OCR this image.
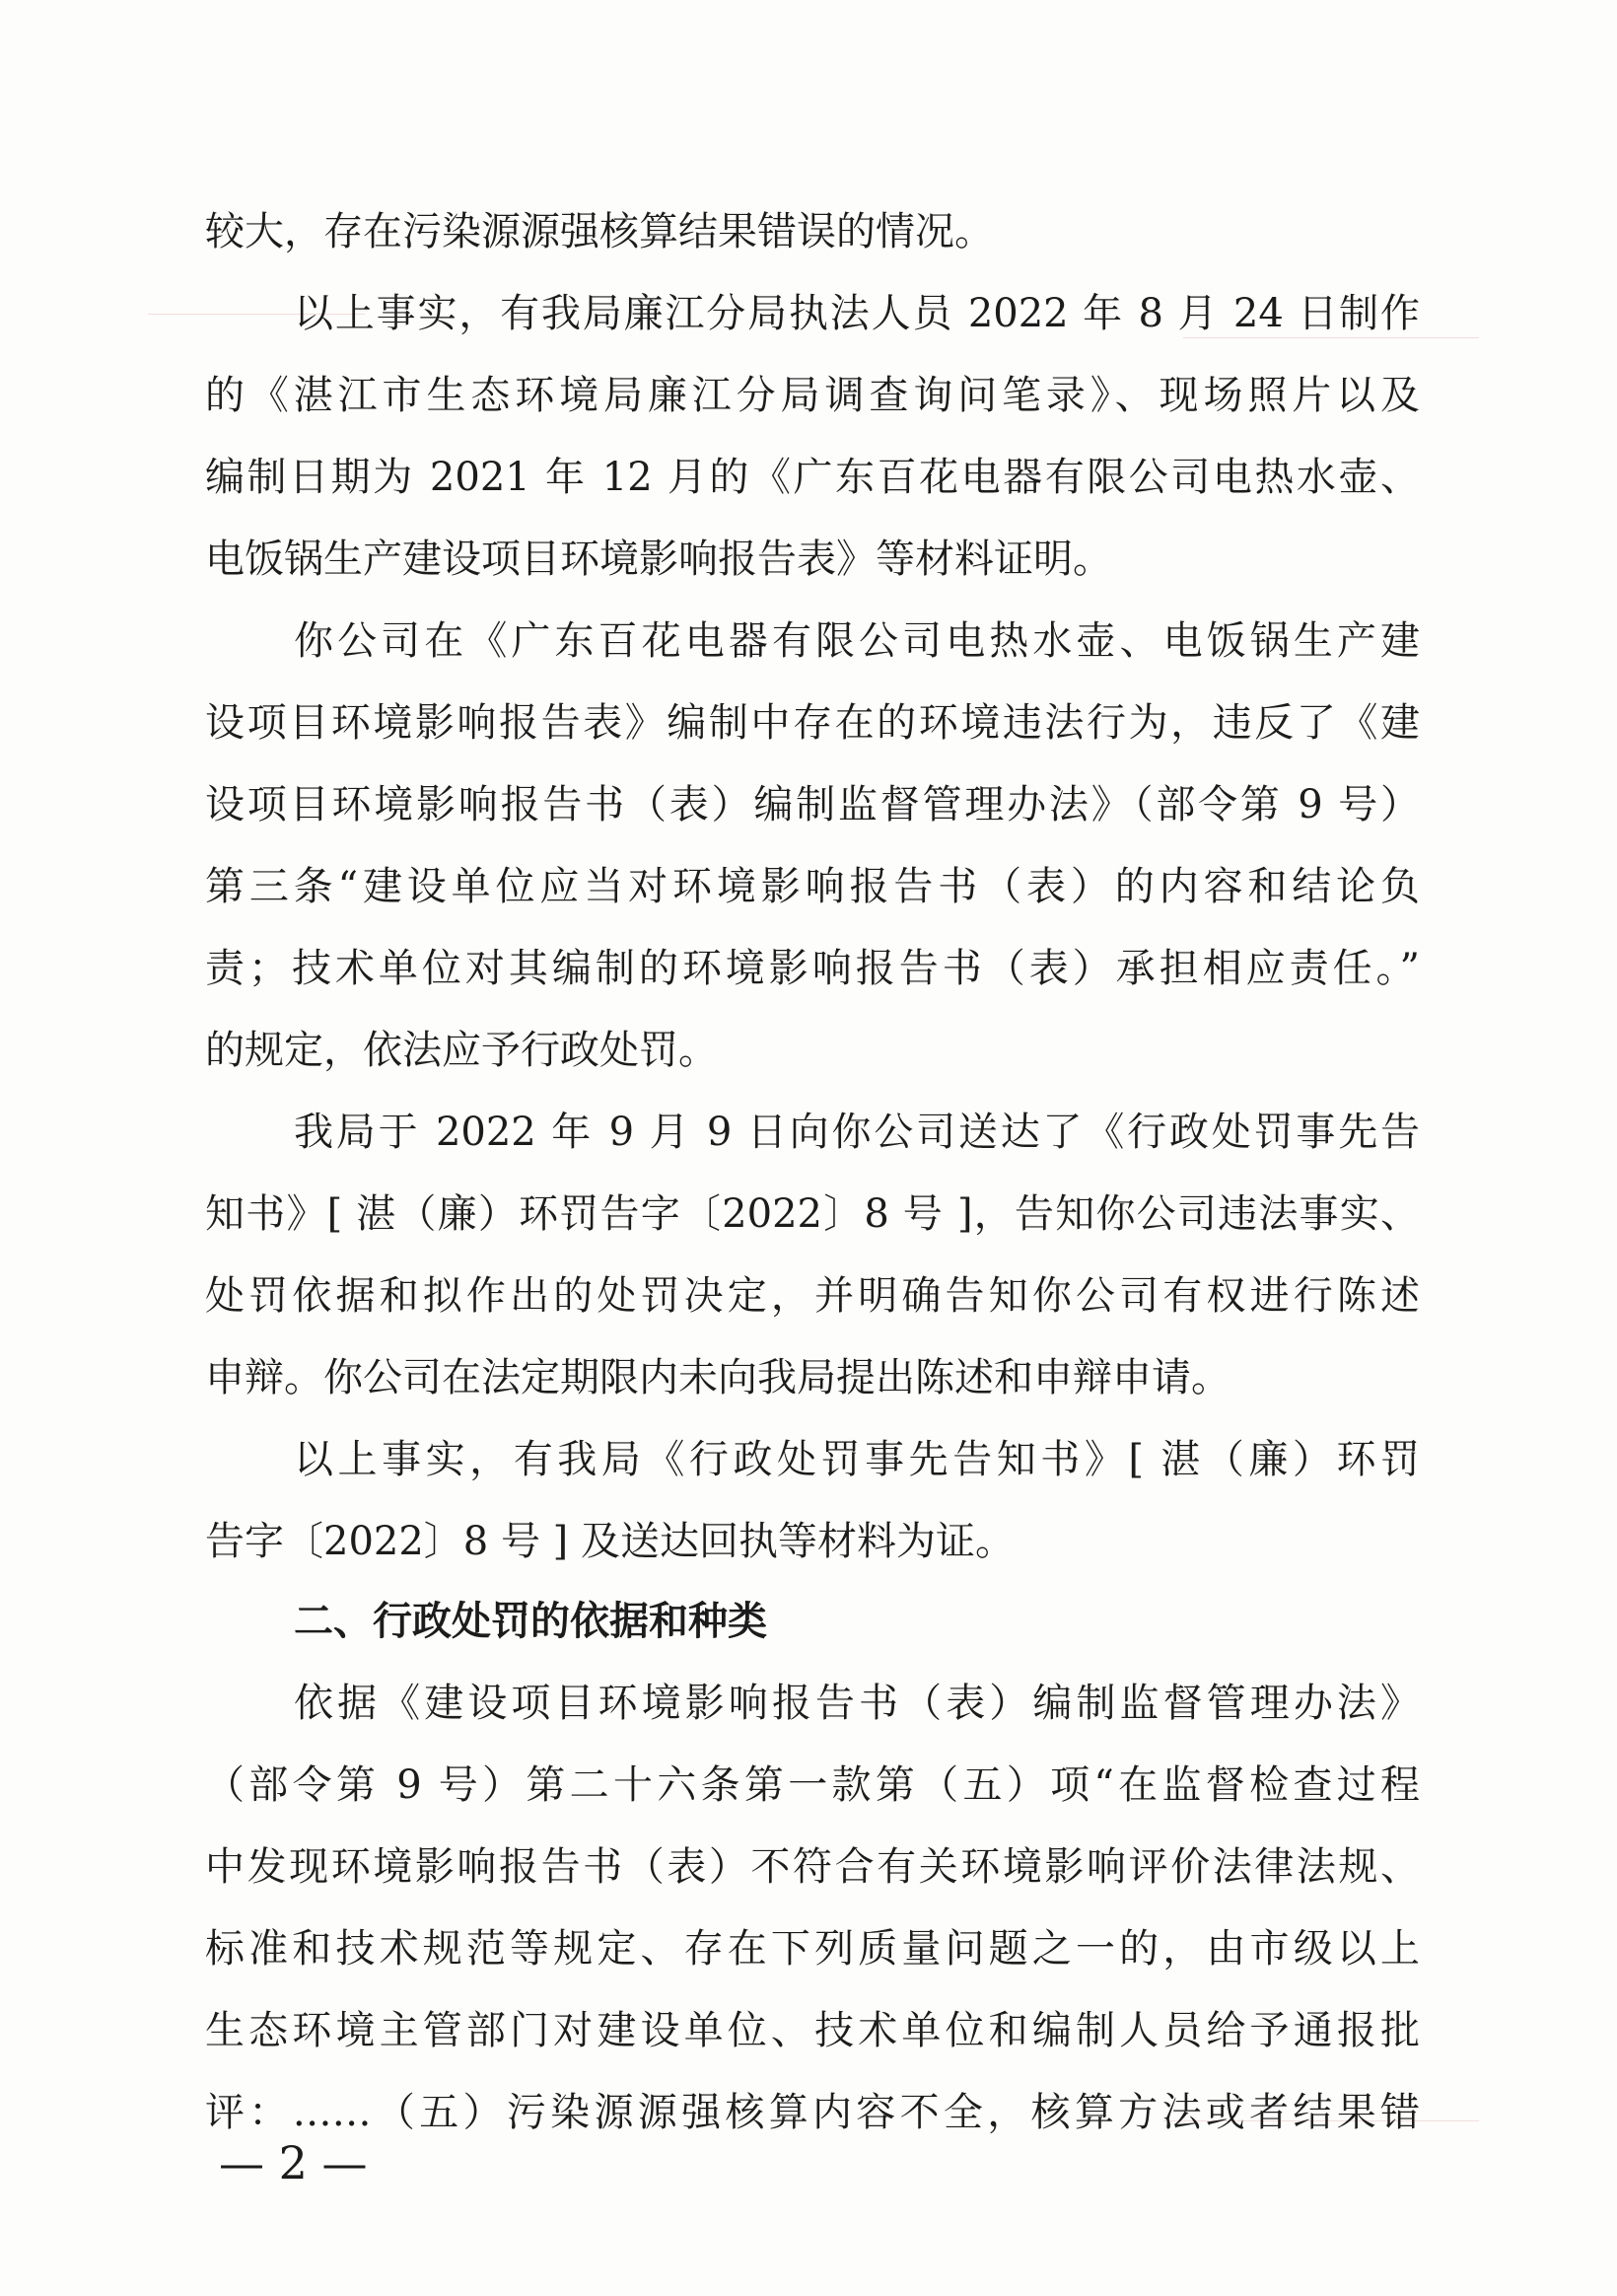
较大，存在污染源源强核算结果错误的情况。
以上事实，有我局廉江分局执法人员 2022 年 8 月 24 日制作
的《湛江市生态环境局廉江分局调查询问笔录》、现场照片以及
编制日期为 2021 年 12 月的《广东百花电器有限公司电热水壶、
电饭锅生产建设项目环境影响报告表》等材料证明。
你公司在《广东百花电器有限公司电热水壶、电饭锅生产建
设项目环境影响报告表》编制中存在的环境违法行为，违反了《建
设项目环境影响报告书（表）编制监督管理办法》（部令第 9 号）
第三条“建设单位应当对环境影响报告书（表）的内容和结论负
责；技术单位对其编制的环境影响报告书（表）承担相应责任。”
的规定，依法应予行政处罚。
我局于 2022 年 9 月 9 日向你公司送达了《行政处罚事先告
知书》[ 湛（廉）环罚告字〔2022〕8 号 ]，告知你公司违法事实、
处罚依据和拟作出的处罚决定，并明确告知你公司有权进行陈述
申辩。你公司在法定期限内未向我局提出陈述和申辩申请。
以上事实，有我局《行政处罚事先告知书》[ 湛（廉）环罚
告字〔2022〕8 号 ] 及送达回执等材料为证。
二、行政处罚的依据和种类
依据《建设项目环境影响报告书（表）编制监督管理办法》
（部令第 9 号）第二十六条第一款第（五）项“在监督检查过程
中发现环境影响报告书（表）不符合有关环境影响评价法律法规、
标准和技术规范等规定、存在下列质量问题之一的，由市级以上
生态环境主管部门对建设单位、技术单位和编制人员给予通报批
评：……（五）污染源源强核算内容不全，核算方法或者结果错
— 2 —
